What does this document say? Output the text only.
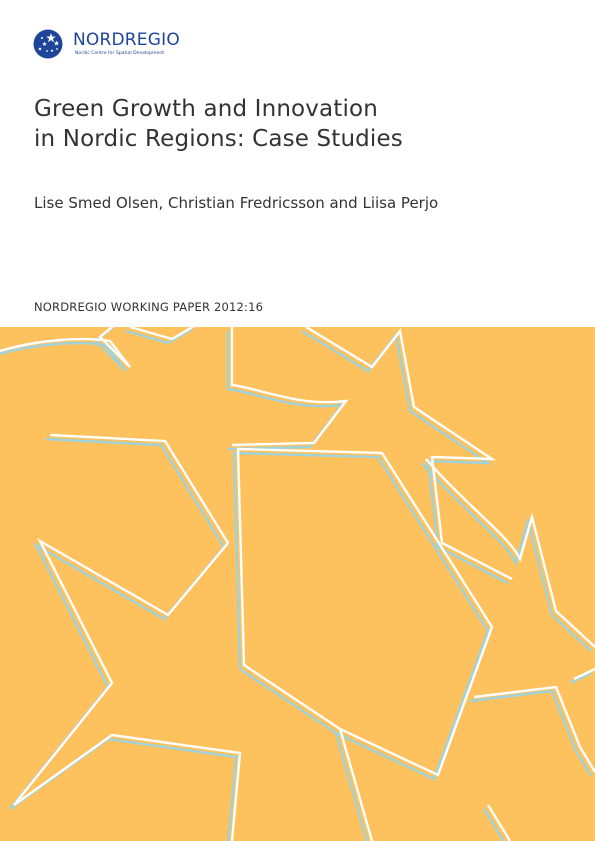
NORDREGIO
Nordic Centre for Spatial Development
Green Growth and Innovation
in Nordic Regions: Case Studies
Lise Smed Olsen, Christian Fredricsson and Liisa Perjo
NORDREGIO WORKING PAPER 2012:16
